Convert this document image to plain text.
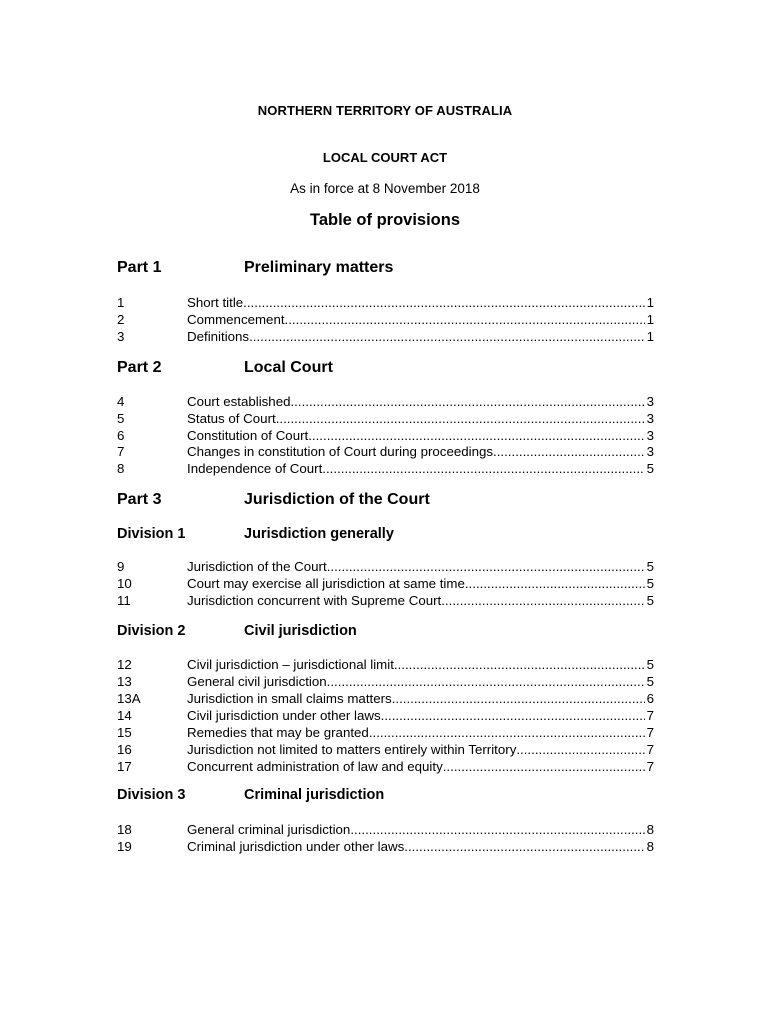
NORTHERN TERRITORY OF AUSTRALIA
LOCAL COURT ACT
As in force at 8 November 2018
Table of provisions
Part 1	Preliminary matters
1	Short title .....	1
2	Commencement .....	1
3	Definitions .....	1
Part 2	Local Court
4	Court established .....	3
5	Status of Court .....	3
6	Constitution of Court .....	3
7	Changes in constitution of Court during proceedings .....	3
8	Independence of Court .....	5
Part 3	Jurisdiction of the Court
Division 1	Jurisdiction generally
9	Jurisdiction of the Court .....	5
10	Court may exercise all jurisdiction at same time .....	5
11	Jurisdiction concurrent with Supreme Court .....	5
Division 2	Civil jurisdiction
12	Civil jurisdiction – jurisdictional limit .....	5
13	General civil jurisdiction .....	5
13A	Jurisdiction in small claims matters .....	6
14	Civil jurisdiction under other laws .....	7
15	Remedies that may be granted .....	7
16	Jurisdiction not limited to matters entirely within Territory .....	7
17	Concurrent administration of law and equity .....	7
Division 3	Criminal jurisdiction
18	General criminal jurisdiction .....	8
19	Criminal jurisdiction under other laws .....	8
